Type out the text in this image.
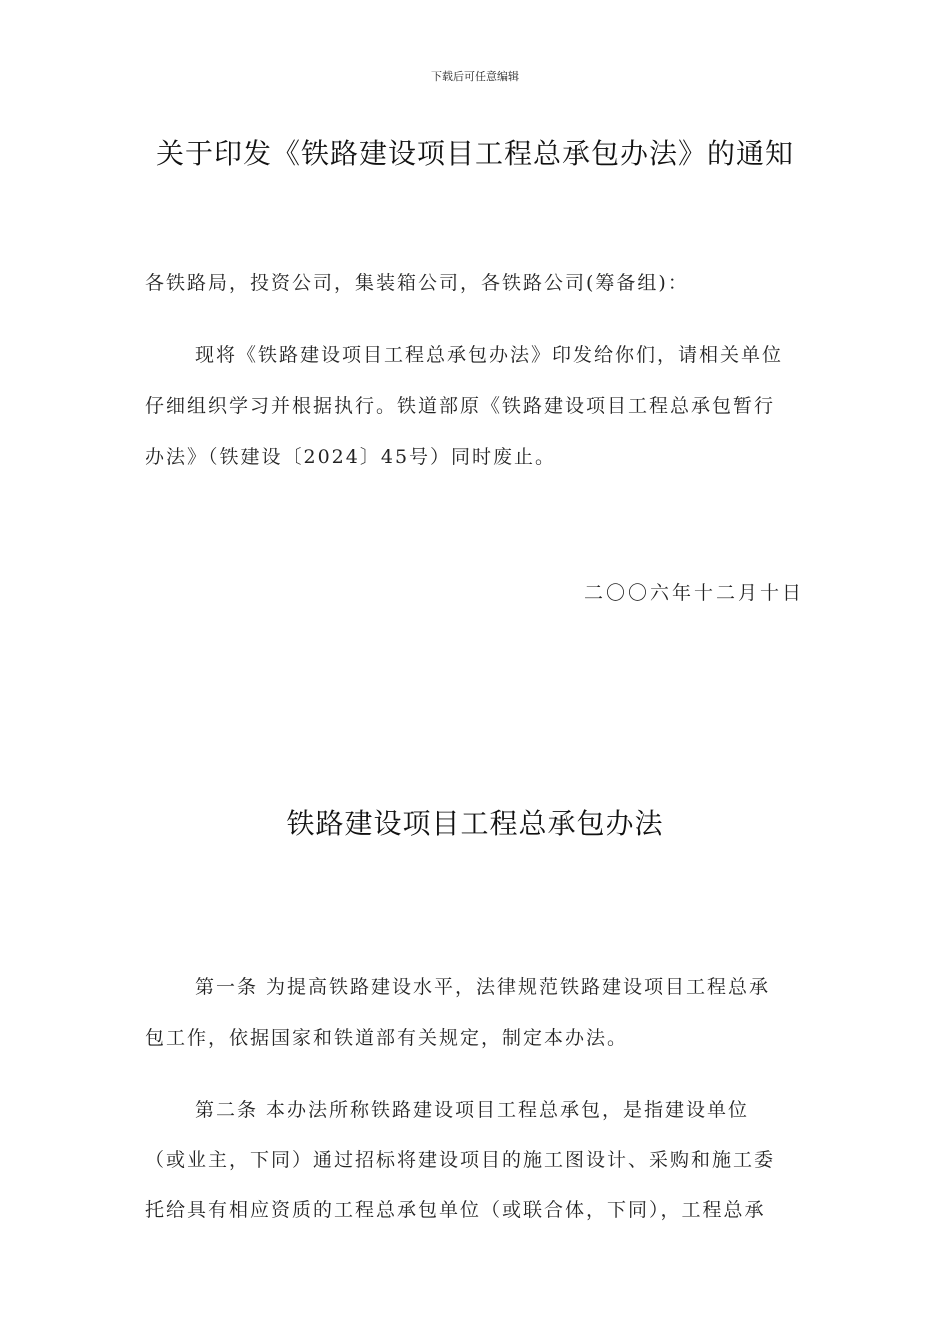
下载后可任意编辑
关于印发《铁路建设项目工程总承包办法》的通知
各铁路局，投资公司，集装箱公司，各铁路公司(筹备组)：
现将《铁路建设项目工程总承包办法》印发给你们，请相关单位
仔细组织学习并根据执行。铁道部原《铁路建设项目工程总承包暂行
办法》（铁建设〔2024〕45号）同时废止。
二〇〇六年十二月十日
铁路建设项目工程总承包办法
第一条 为提高铁路建设水平，法律规范铁路建设项目工程总承
包工作，依据国家和铁道部有关规定，制定本办法。
第二条 本办法所称铁路建设项目工程总承包，是指建设单位
（或业主，下同）通过招标将建设项目的施工图设计、采购和施工委
托给具有相应资质的工程总承包单位（或联合体，下同），工程总承
